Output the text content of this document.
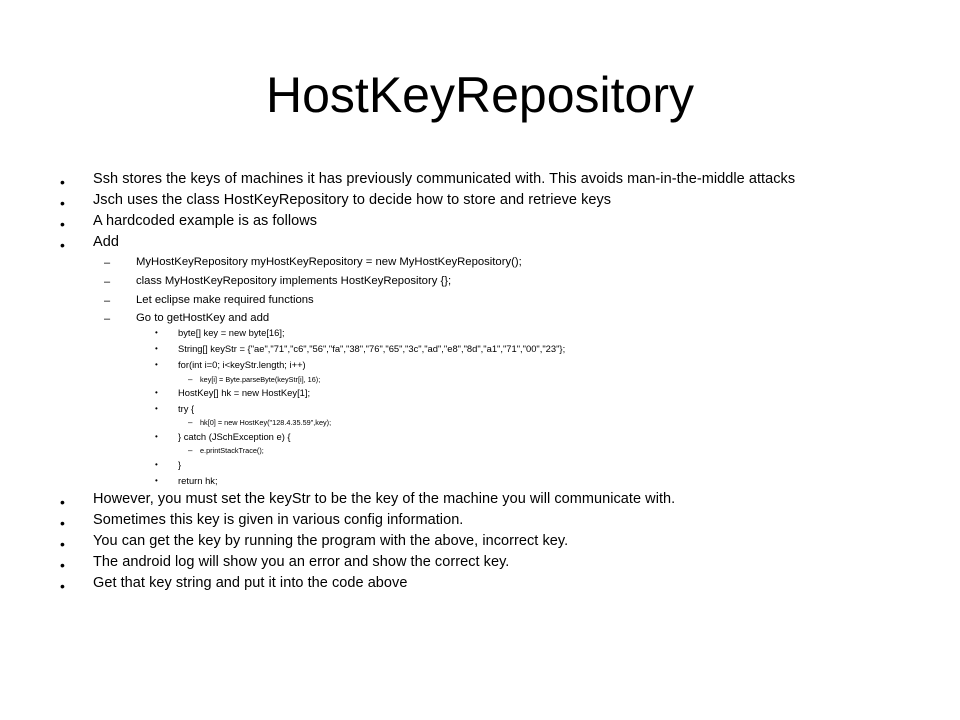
HostKeyRepository
• Ssh stores the keys of machines it has previously communicated with. This avoids man-in-the-middle attacks
• Jsch uses the class HostKeyRepository to decide how to store and retrieve keys
• A hardcoded example is as follows
• Add
– MyHostKeyRepository myHostKeyRepository = new MyHostKeyRepository();
– class MyHostKeyRepository implements HostKeyRepository {};
– Let eclipse make required functions
– Go to getHostKey and add
• byte[] key = new byte[16];
• String[] keyStr = {"ae","71","c6","56","fa","38","76","65","3c","ad","e8","8d","a1","71","00","23"};
• for(int i=0; i<keyStr.length; i++)
– key[i] = Byte.parseByte(keyStr[i], 16);
• HostKey[] hk = new HostKey[1];
• try {
– hk[0] = new HostKey("128.4.35.59",key);
• } catch (JSchException e) {
– e.printStackTrace();
• }
• return hk;
• However, you must set the keyStr to be the key of the machine you will communicate with.
• Sometimes this key is given in various config information.
• You can get the key by running the program with the above, incorrect key.
• The android log will show you an error and show the correct key.
• Get that key string and put it into the code above
